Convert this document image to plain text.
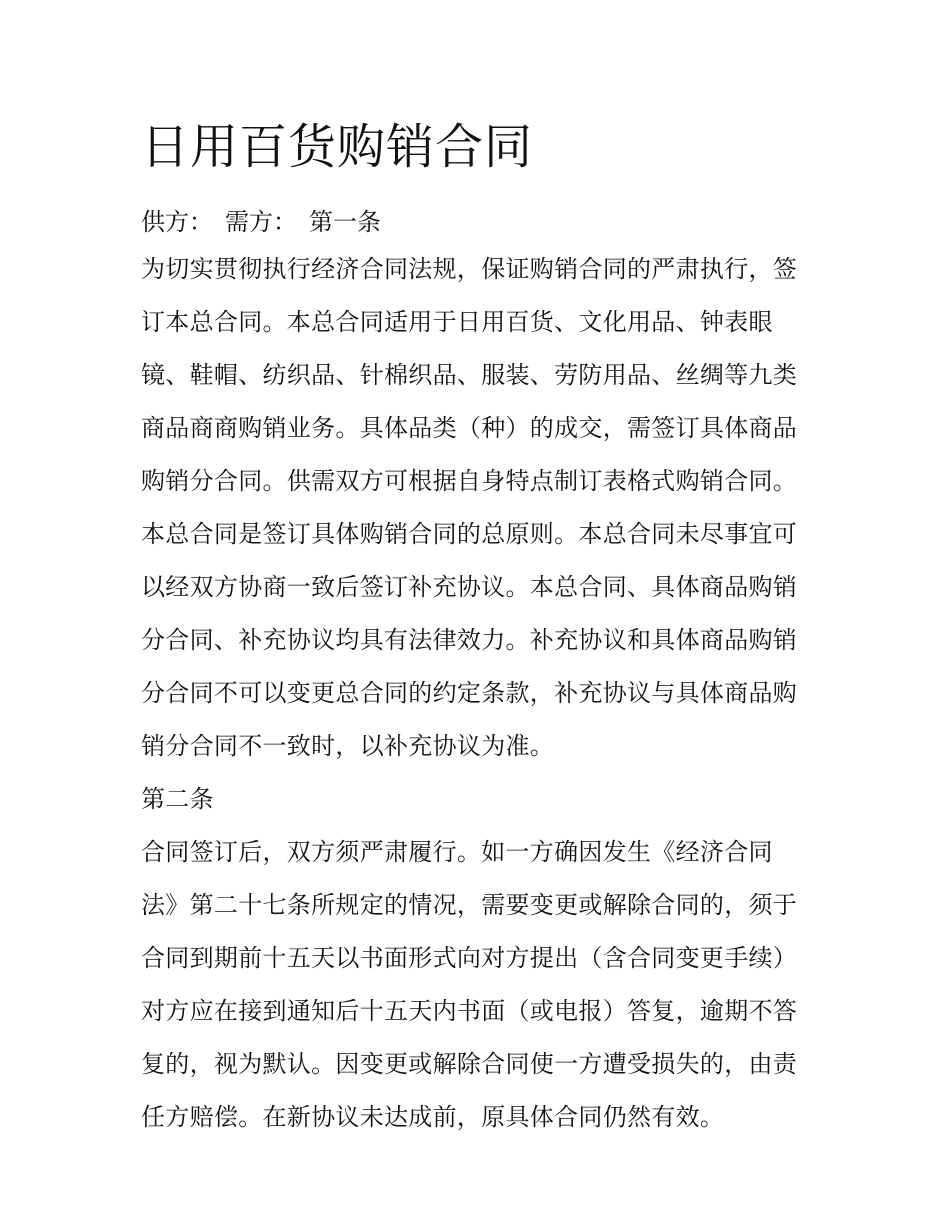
日用百货购销合同
供方： 需方： 第一条
为切实贯彻执行经济合同法规，保证购销合同的严肃执行，签
订本总合同。本总合同适用于日用百货、文化用品、钟表眼
镜、鞋帽、纺织品、针棉织品、服装、劳防用品、丝绸等九类
商品商商购销业务。具体品类（种）的成交，需签订具体商品
购销分合同。供需双方可根据自身特点制订表格式购销合同。
本总合同是签订具体购销合同的总原则。本总合同未尽事宜可
以经双方协商一致后签订补充协议。本总合同、具体商品购销
分合同、补充协议均具有法律效力。补充协议和具体商品购销
分合同不可以变更总合同的约定条款，补充协议与具体商品购
销分合同不一致时，以补充协议为准。
第二条
合同签订后，双方须严肃履行。如一方确因发生《经济合同
法》第二十七条所规定的情况，需要变更或解除合同的，须于
合同到期前十五天以书面形式向对方提出（含合同变更手续）
对方应在接到通知后十五天内书面（或电报）答复，逾期不答
复的，视为默认。因变更或解除合同使一方遭受损失的，由责
任方赔偿。在新协议未达成前，原具体合同仍然有效。
